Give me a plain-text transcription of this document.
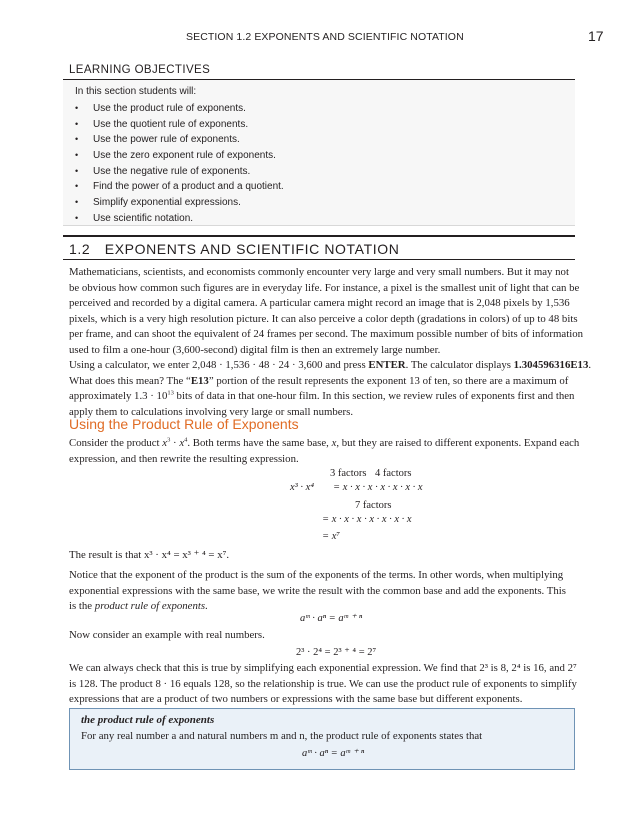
SECTION 1.2 EXPONENTS AND SCIENTIFIC NOTATION	17
LEARNING OBJECTIVES
In this section students will:
• Use the product rule of exponents.
• Use the quotient rule of exponents.
• Use the power rule of exponents.
• Use the zero exponent rule of exponents.
• Use the negative rule of exponents.
• Find the power of a product and a quotient.
• Simplify exponential expressions.
• Use scientific notation.
1.2 EXPONENTS AND SCIENTIFIC NOTATION
Mathematicians, scientists, and economists commonly encounter very large and very small numbers. But it may not
be obvious how common such figures are in everyday life. For instance, a pixel is the smallest unit of light that can be
perceived and recorded by a digital camera. A particular camera might record an image that is 2,048 pixels by 1,536
pixels, which is a very high resolution picture. It can also perceive a color depth (gradations in colors) of up to 48 bits
per frame, and can shoot the equivalent of 24 frames per second. The maximum possible number of bits of information
used to film a one-hour (3,600-second) digital film is then an extremely large number.
Using a calculator, we enter 2,048 · 1,536 · 48 · 24 · 3,600 and press ENTER. The calculator displays 1.304596316E13.
What does this mean? The “E13” portion of the result represents the exponent 13 of ten, so there are a maximum of
approximately $1.3 \cdot 10^{13}$ bits of data in that one-hour film. In this section, we review rules of exponents first and then
apply them to calculations involving very large or small numbers.
Using the Product Rule of Exponents
Consider the product $x^3 \cdot x^4$. Both terms have the same base, x, but they are raised to different exponents. Expand each
expression, and then rewrite the resulting expression.
3 factors 4 factors
x³ · x⁴ = x · x · x · x · x · x · x
7 factors
= x · x · x · x · x · x · x
= x⁷
The result is that x³ · x⁴ = x³ ⁺ ⁴ = x⁷.
Notice that the exponent of the product is the sum of the exponents of the terms. In other words, when multiplying
exponential expressions with the same base, we write the result with the common base and add the exponents. This
is the product rule of exponents.
aᵐ · aⁿ = aᵐ ⁺ ⁿ
Now consider an example with real numbers.
2³ · 2⁴ = 2³ ⁺ ⁴ = 2⁷
We can always check that this is true by simplifying each exponential expression. We find that 2³ is 8, 2⁴ is 16, and 2⁷
is 128. The product 8 · 16 equals 128, so the relationship is true. We can use the product rule of exponents to simplify
expressions that are a product of two numbers or expressions with the same base but different exponents.
the product rule of exponents
For any real number a and natural numbers m and n, the product rule of exponents states that
aᵐ · aⁿ = aᵐ ⁺ ⁿ
